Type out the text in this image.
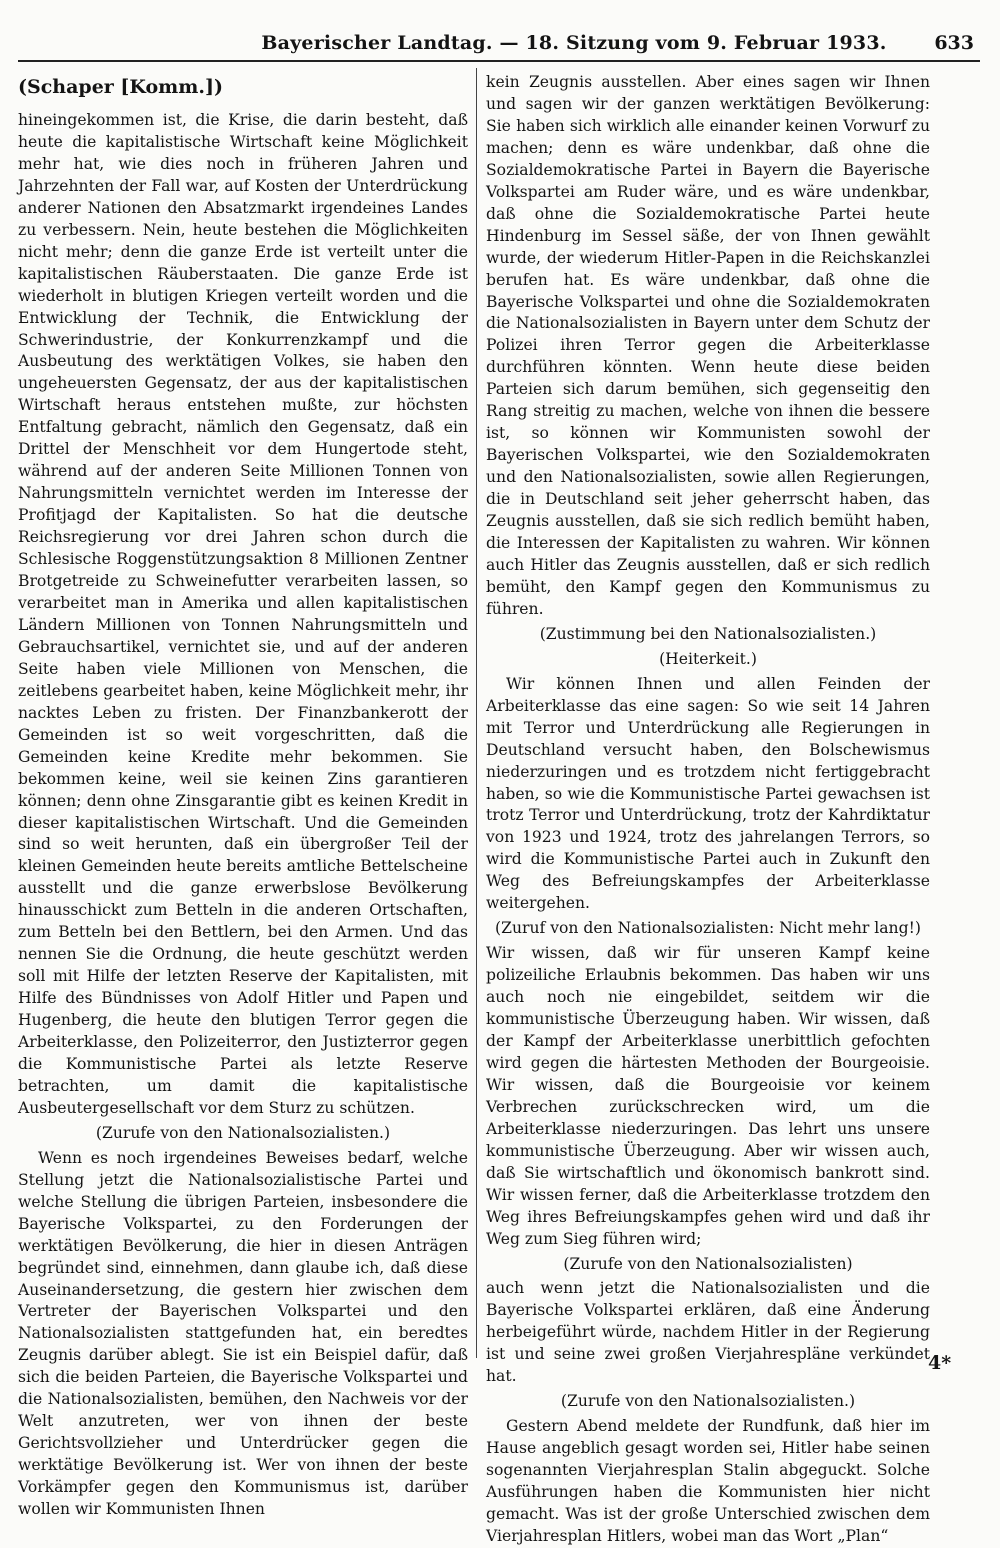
Bayerischer Landtag. — 18. Sitzung vom 9. Februar 1933.	633
(Schaper [Komm.])

hineingekommen ist, die Krise, die darin besteht, daß heute die kapitalistische Wirtschaft keine Möglichkeit mehr hat, wie dies noch in früheren Jahren und Jahrzehnten der Fall war, auf Kosten der Unterdrückung anderer Nationen den Absatzmarkt irgendeines Landes zu verbessern. Nein, heute bestehen die Möglichkeiten nicht mehr; denn die ganze Erde ist verteilt unter die kapitalistischen Räuberstaaten. Die ganze Erde ist wiederholt in blutigen Kriegen verteilt worden und die Entwicklung der Technik, die Entwicklung der Schwerindustrie, der Konkurrenzkampf und die Ausbeutung des werktätigen Volkes, sie haben den ungeheuersten Gegensatz, der aus der kapitalistischen Wirtschaft heraus entstehen mußte, zur höchsten Entfaltung gebracht, nämlich den Gegensatz, daß ein Drittel der Menschheit vor dem Hungertode steht, während auf der anderen Seite Millionen Tonnen von Nahrungsmitteln vernichtet werden im Interesse der Profitjagd der Kapitalisten. So hat die deutsche Reichsregierung vor drei Jahren schon durch die Schlesische Roggenstützungsaktion 8 Millionen Zentner Brotgetreide zu Schweinefutter verarbeiten lassen, so verarbeitet man in Amerika und allen kapitalistischen Ländern Millionen von Tonnen Nahrungsmitteln und Gebrauchsartikel, vernichtet sie, und auf der anderen Seite haben viele Millionen von Menschen, die zeitlebens gearbeitet haben, keine Möglichkeit mehr, ihr nacktes Leben zu fristen. Der Finanzbankerott der Gemeinden ist so weit vorgeschritten, daß die Gemeinden keine Kredite mehr bekommen. Sie bekommen keine, weil sie keinen Zins garantieren können; denn ohne Zinsgarantie gibt es keinen Kredit in dieser kapitalistischen Wirtschaft. Und die Gemeinden sind so weit herunten, daß ein übergroßer Teil der kleinen Gemeinden heute bereits amtliche Bettelscheine ausstellt und die ganze erwerbslose Bevölkerung hinausschickt zum Betteln in die anderen Ortschaften, zum Betteln bei den Bettlern, bei den Armen. Und das nennen Sie die Ordnung, die heute geschützt werden soll mit Hilfe der letzten Reserve der Kapitalisten, mit Hilfe des Bündnisses von Adolf Hitler und Papen und Hugenberg, die heute den blutigen Terror gegen die Arbeiterklasse, den Polizeiterror, den Justizterror gegen die Kommunistische Partei als letzte Reserve betrachten, um damit die kapitalistische Ausbeutergesellschaft vor dem Sturz zu schützen.

(Zurufe von den Nationalsozialisten.)

Wenn es noch irgendeines Beweises bedarf, welche Stellung jetzt die Nationalsozialistische Partei und welche Stellung die übrigen Parteien, insbesondere die Bayerische Volkspartei, zu den Forderungen der werktätigen Bevölkerung, die hier in diesen Anträgen begründet sind, einnehmen, dann glaube ich, daß diese Auseinandersetzung, die gestern hier zwischen dem Vertreter der Bayerischen Volkspartei und den Nationalsozialisten stattgefunden hat, ein beredtes Zeugnis darüber ablegt. Sie ist ein Beispiel dafür, daß sich die beiden Parteien, die Bayerische Volkspartei und die Nationalsozialisten, bemühen, den Nachweis vor der Welt anzutreten, wer von ihnen der beste Gerichtsvollzieher und Unterdrücker gegen die werktätige Bevölkerung ist. Wer von ihnen der beste Vorkämpfer gegen den Kommunismus ist, darüber wollen wir Kommunisten Ihnen

kein Zeugnis ausstellen. Aber eines sagen wir Ihnen und sagen wir der ganzen werktätigen Bevölkerung: Sie haben sich wirklich alle einander keinen Vorwurf zu machen; denn es wäre undenkbar, daß ohne die Sozialdemokratische Partei in Bayern die Bayerische Volkspartei am Ruder wäre, und es wäre undenkbar, daß ohne die Sozialdemokratische Partei heute Hindenburg im Sessel säße, der von Ihnen gewählt wurde, der wiederum Hitler-Papen in die Reichskanzlei berufen hat. Es wäre undenkbar, daß ohne die Bayerische Volkspartei und ohne die Sozialdemokraten die Nationalsozialisten in Bayern unter dem Schutz der Polizei ihren Terror gegen die Arbeiterklasse durchführen könnten. Wenn heute diese beiden Parteien sich darum bemühen, sich gegenseitig den Rang streitig zu machen, welche von ihnen die bessere ist, so können wir Kommunisten sowohl der Bayerischen Volkspartei, wie den Sozialdemokraten und den Nationalsozialisten, sowie allen Regierungen, die in Deutschland seit jeher geherrscht haben, das Zeugnis ausstellen, daß sie sich redlich bemüht haben, die Interessen der Kapitalisten zu wahren. Wir können auch Hitler das Zeugnis ausstellen, daß er sich redlich bemüht, den Kampf gegen den Kommunismus zu führen.

(Zustimmung bei den Nationalsozialisten.)
(Heiterkeit.)

Wir können Ihnen und allen Feinden der Arbeiterklasse das eine sagen: So wie seit 14 Jahren mit Terror und Unterdrückung alle Regierungen in Deutschland versucht haben, den Bolschewismus niederzuringen und es trotzdem nicht fertiggebracht haben, so wie die Kommunistische Partei gewachsen ist trotz Terror und Unterdrückung, trotz der Kahrdiktatur von 1923 und 1924, trotz des jahrelangen Terrors, so wird die Kommunistische Partei auch in Zukunft den Weg des Befreiungskampfes der Arbeiterklasse weitergehen.

(Zuruf von den Nationalsozialisten: Nicht mehr lang!)

Wir wissen, daß wir für unseren Kampf keine polizeiliche Erlaubnis bekommen. Das haben wir uns auch noch nie eingebildet, seitdem wir die kommunistische Überzeugung haben. Wir wissen, daß der Kampf der Arbeiterklasse unerbittlich gefochten wird gegen die härtesten Methoden der Bourgeoisie. Wir wissen, daß die Bourgeoisie vor keinem Verbrechen zurückschrecken wird, um die Arbeiterklasse niederzuringen. Das lehrt uns unsere kommunistische Überzeugung. Aber wir wissen auch, daß Sie wirtschaftlich und ökonomisch bankrott sind. Wir wissen ferner, daß die Arbeiterklasse trotzdem den Weg ihres Befreiungskampfes gehen wird und daß ihr Weg zum Sieg führen wird;

(Zurufe von den Nationalsozialisten)

auch wenn jetzt die Nationalsozialisten und die Bayerische Volkspartei erklären, daß eine Änderung herbeigeführt würde, nachdem Hitler in der Regierung ist und seine zwei großen Vierjahrespläne verkündet hat.

(Zurufe von den Nationalsozialisten.)

Gestern Abend meldete der Rundfunk, daß hier im Hause angeblich gesagt worden sei, Hitler habe seinen sogenannten Vierjahresplan Stalin abgeguckt. Solche Ausführungen haben die Kommunisten hier nicht gemacht. Was ist der große Unterschied zwischen dem Vierjahresplan Hitlers, wobei man das Wort „Plan“

4*
